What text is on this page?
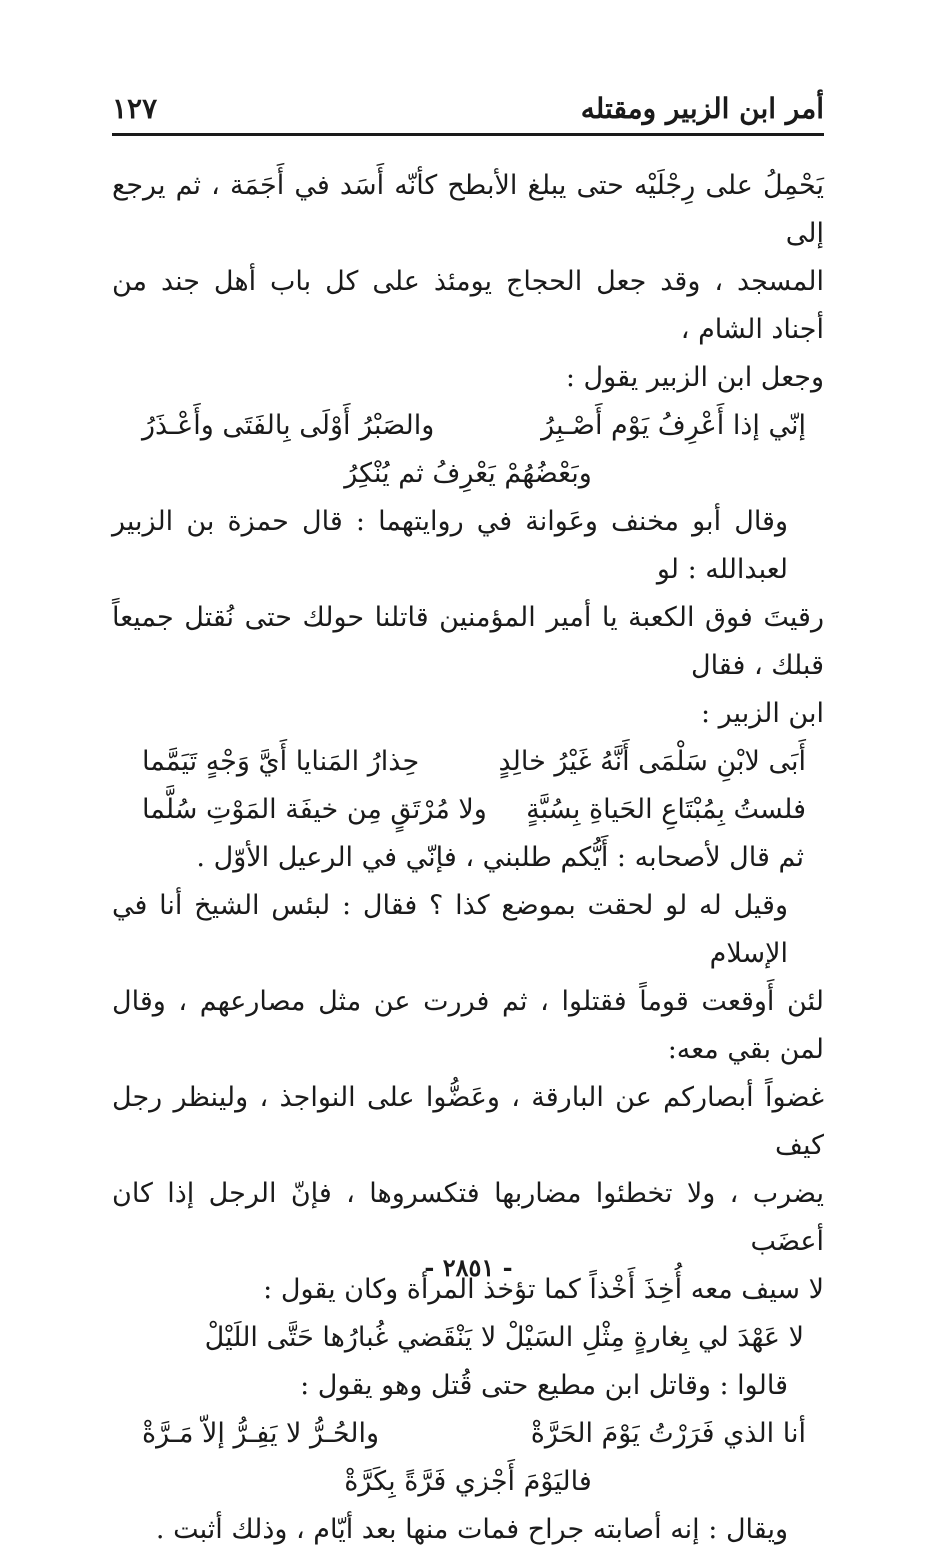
أمر ابن الزبير ومقتله
١٢٧
يَحْمِلُ على رِجْلَيْه حتى يبلغ الأبطح كأنّه أَسَد في أَجَمَة ، ثم يرجع إلى
المسجد ، وقد جعل الحجاج يومئذ على كل باب أهل جند من أجناد الشام ،
وجعل ابن الزبير يقول :
إنّي إذا أَعْرِفُ يَوْم أَصْـبِرُ
والصَبْرُ أَوْلَى بِالفَتَى وأَعْـذَرُ
وبَعْضُهُمْ يَعْرِفُ ثم يُنْكِرُ
وقال أبو مخنف وعَوانة في روايتهما : قال حمزة بن الزبير لعبدالله : لو
رقيتَ فوق الكعبة يا أمير المؤمنين قاتلنا حولك حتى نُقتل جميعاً قبلك ، فقال
ابن الزبير :
أَبَى لابْنِ سَلْمَى أَنَّهُ غَيْرُ خالِدٍ
حِذارُ المَنايا أَيَّ وَجْهٍ تَيَمَّما
فلستُ بِمُبْتَاعِ الحَياةِ بِسُبَّةٍ
ولا مُرْتَقٍ مِن خيفَة المَوْتِ سُلَّما
ثم قال لأصحابه : أَيُّكم طلبني ، فإنّي في الرعيل الأوّل .
وقيل له لو لحقت بموضع كذا ؟ فقال : لبئس الشيخ أنا في الإسلام
لئن أَوقعت قوماً فقتلوا ، ثم فررت عن مثل مصارعهم ، وقال لمن بقي معه:
غضواً أبصاركم عن البارقة ، وعَضُّوا على النواجذ ، ولينظر رجل كيف
يضرب ، ولا تخطئوا مضاربها فتكسروها ، فإنّ الرجل إذا كان أعضَب
لا سيف معه أُخِذَ أَخْذاً كما تؤخذ المرأة وكان يقول :
لا عَهْدَ لي بِغارةٍ مِثْلِ السَيْلْ لا يَنْقَضي غُبارُها حَتَّى اللَيْلْ
قالوا : وقاتل ابن مطيع حتى قُتل وهو يقول :
أنا الذي فَرَرْتُ يَوْمَ الحَرَّةْ
والحُـرُّ لا يَفِـرُّ إلاّ مَـرَّةْ
فاليَوْمَ أَجْزي فَرَّةً بِكَرَّةْ
ويقال : إنه أصابته جراح فمات منها بعد أيّام ، وذلك أثبت .
- ٢٨٥١ -
